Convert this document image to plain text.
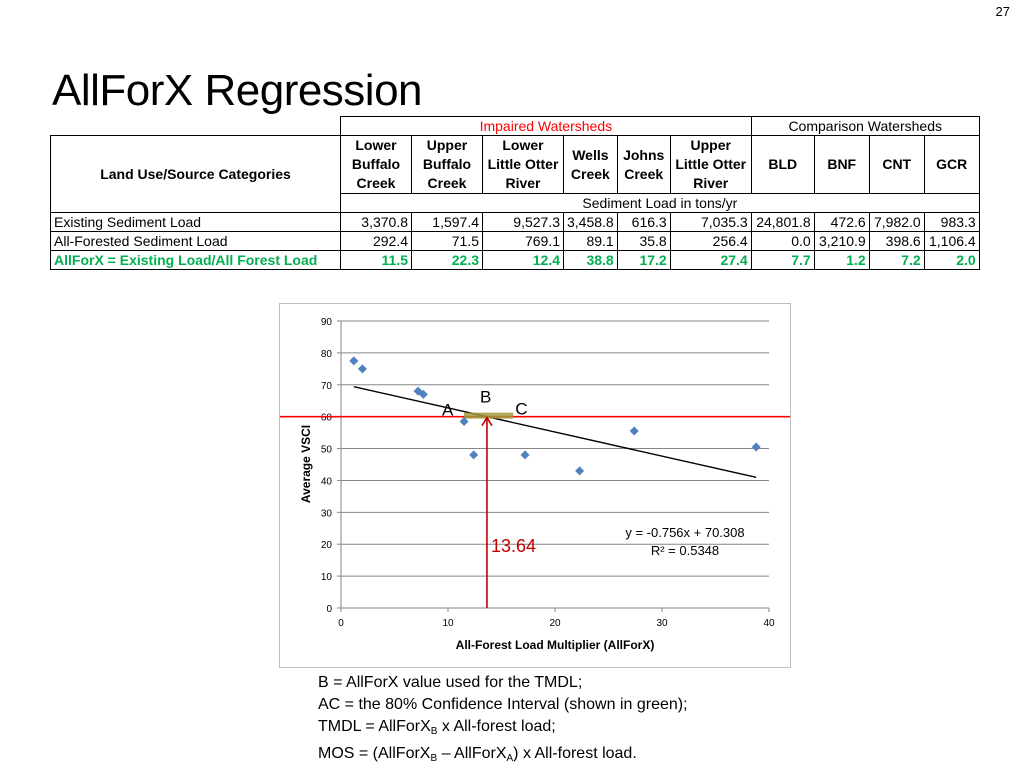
27
AllForX Regression
	Impaired Watersheds						Comparison Watersheds			
Land Use/Source Categories	Lower
Buffalo
Creek	Upper
Buffalo
Creek	Lower
Little Otter
River	Wells
Creek	Johns
Creek	Upper
Little Otter
River	BLD	BNF	CNT	GCR
	Sediment Load in tons/yr									
Existing Sediment Load	3,370.8	1,597.4	9,527.3	3,458.8	616.3	7,035.3	24,801.8	472.6	7,982.0	983.3
All-Forested Sediment Load	292.4	71.5	769.1	89.1	35.8	256.4	0.0	3,210.9	398.6	1,106.4
AllForX = Existing Load/All Forest Load	11.5	22.3	12.4	38.8	17.2	27.4	7.7	1.2	7.2	2.0
0
10
20
30
40
50
60
70
80
90
0	10	20	30	40
13.64
A
B
C
y = -0.756x + 70.308
R² = 0.5348
All-Forest Load Multiplier (AllForX)
Average VSCI

B = AllForX value used for the TMDL;

AC = the 80% Confidence Interval (shown in green);

TMDL = AllForX$_B$ x All-forest load;

MOS = (AllForX$_B$ – AllForX$_A$) x All-forest load.
